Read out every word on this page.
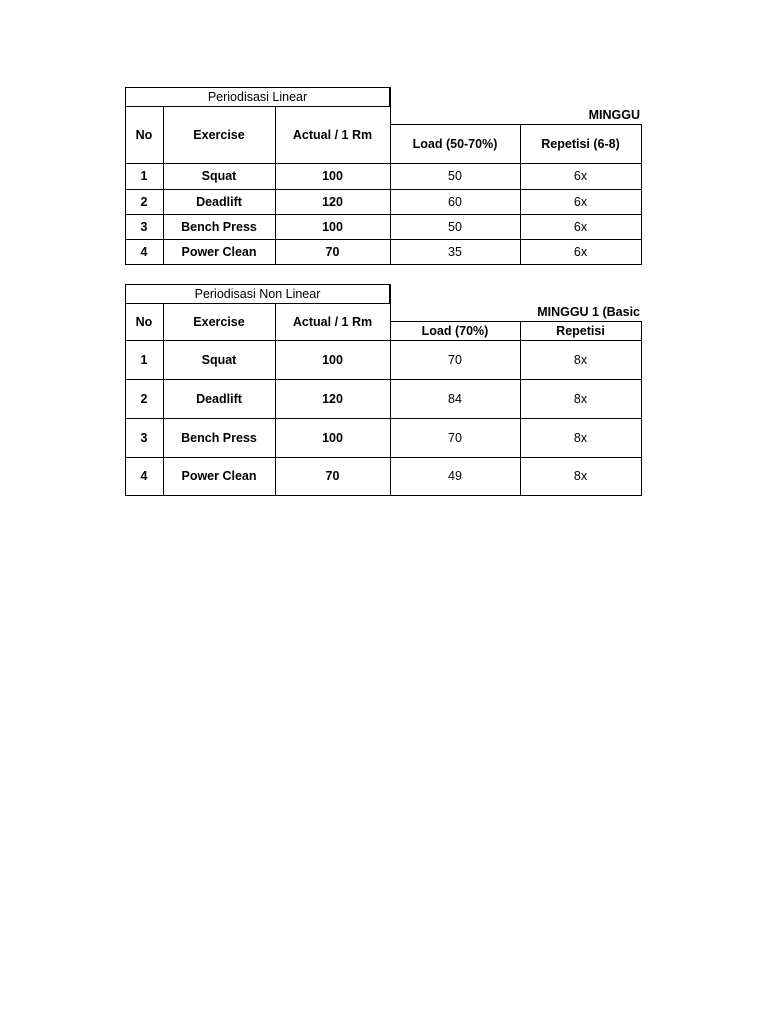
Periodisasi Linear
MINGGU
No	Exercise	Actual / 1 Rm
Load (50-70%)	Repetisi (6-8)
1	Squat	100	50	6x
2	Deadlift	120	60	6x
3	Bench Press	100	50	6x
4	Power Clean	70	35	6x
Periodisasi Non Linear
MINGGU 1 (Basic
No	Exercise	Actual / 1 Rm
Load (70%)	Repetisi
1	Squat	100	70	8x
2	Deadlift	120	84	8x
3	Bench Press	100	70	8x
4	Power Clean	70	49	8x
